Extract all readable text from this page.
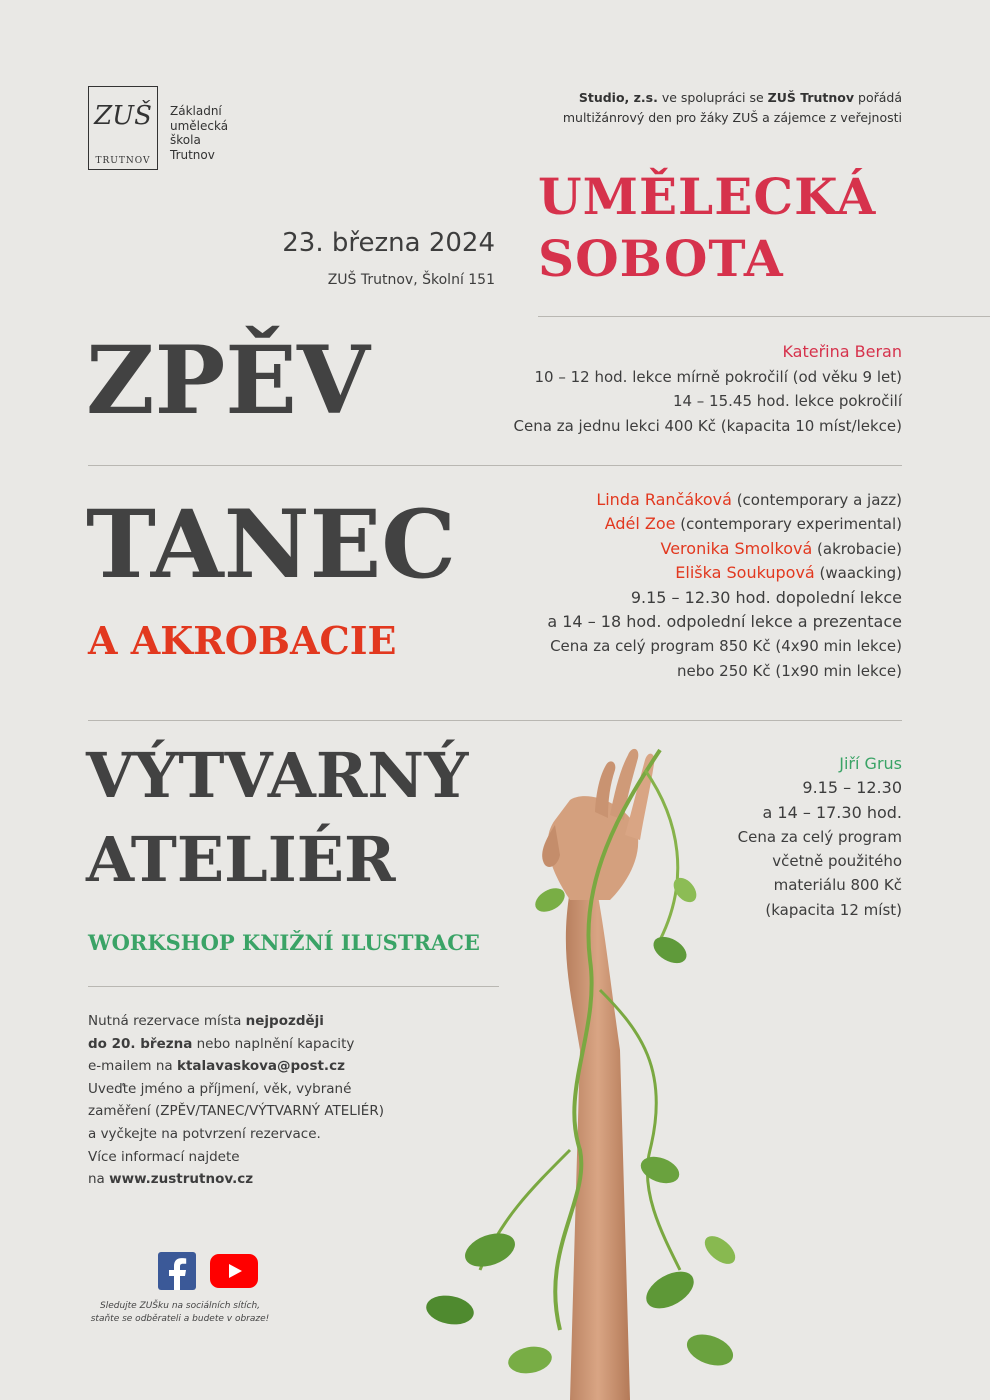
ZUŠ
TRUTNOV
Základní
umělecká
škola
Trutnov
Studio, z.s. ve spolupráci se ZUŠ Trutnov pořádá
multižánrový den pro žáky ZUŠ a zájemce z veřejnosti
UMĚLECKÁ
SOBOTA
23. března 2024
ZUŠ Trutnov, Školní 151
ZPĚV	Kateřina Beran

10 – 12 hod. lekce mírně pokročilí (od věku 9 let)

14 – 15.45 hod. lekce pokročilí

Cena za jednu lekci 400 Kč (kapacita 10 míst/lekce)

TANEC
A AKROBACIE

Linda Rančáková (contemporary a jazz)

Adél Zoe (contemporary experimental)

Veronika Smolková (akrobacie)

Eliška Soukupová (waacking)

9.15 – 12.30 hod. dopolední lekce

a 14 – 18 hod. odpolední lekce a prezentace

Cena za celý program 850 Kč (4x90 min lekce)

nebo 250 Kč (1x90 min lekce)

VÝTVARNÝ
ATELIÉR
WORKSHOP KNIŽNÍ ILUSTRACE

Jiří Grus

9.15 – 12.30

a 14 – 17.30 hod.

Cena za celý program

včetně použitého

materiálu 800 Kč

(kapacita 12 míst)

Nutná rezervace místa nejpozději

do 20. března nebo naplnění kapacity

e-mailem na ktalavaskova@post.cz

Uveďte jméno a příjmení, věk, vybrané

zaměření (ZPĚV/TANEC/VÝTVARNÝ ATELIÉR)

a vyčkejte na potvrzení rezervace.

Více informací najdete

na www.zustrutnov.cz

Sledujte ZUŠku na sociálních sítích,
staňte se odběrateli a budete v obraze!
